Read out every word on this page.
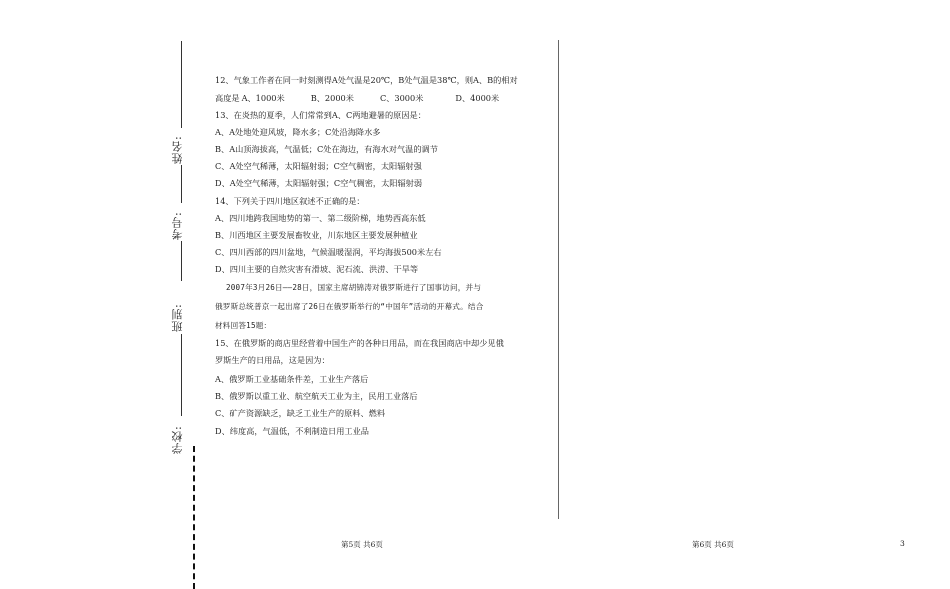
姓名:
考号:
班别:
学校:
12、气象工作者在同一时刻测得A处气温是20℃，B处气温是38℃，则A、B的相对
高度是 A、1000米	B、2000米	C、3000米	D、4000米
13、在炎热的夏季，人们常常到A、C两地避暑的原因是：
A、A处地处迎风坡，降水多；C处沿海降水多
B、A山顶海拔高，气温低；C处在海边，有海水对气温的调节
C、A处空气稀薄，太阳辐射弱；C空气稠密，太阳辐射强
D、A处空气稀薄，太阳辐射强；C空气稠密，太阳辐射弱
14、下列关于四川地区叙述不正确的是：
A、四川地跨我国地势的第一、第二级阶梯，地势西高东低
B、川西地区主要发展畜牧业，川东地区主要发展种植业
C、四川西部的四川盆地，气候温暖湿润，平均海拔500米左右
D、四川主要的自然灾害有滑坡、泥石流、洪涝、干旱等
2007年3月26日——28日，国家主席胡锦涛对俄罗斯进行了国事访问，并与
俄罗斯总统普京一起出席了26日在俄罗斯举行的“中国年”活动的开幕式。结合
材料回答15题：
15、在俄罗斯的商店里经营着中国生产的各种日用品，而在我国商店中却少见俄
罗斯生产的日用品，这是因为：
A、俄罗斯工业基础条件差，工业生产落后
B、俄罗斯以重工业、航空航天工业为主，民用工业落后
C、矿产资源缺乏，缺乏工业生产的原料、燃料
D、纬度高，气温低，不利制造日用工业品
第5页 共6页	第6页 共6页	3
